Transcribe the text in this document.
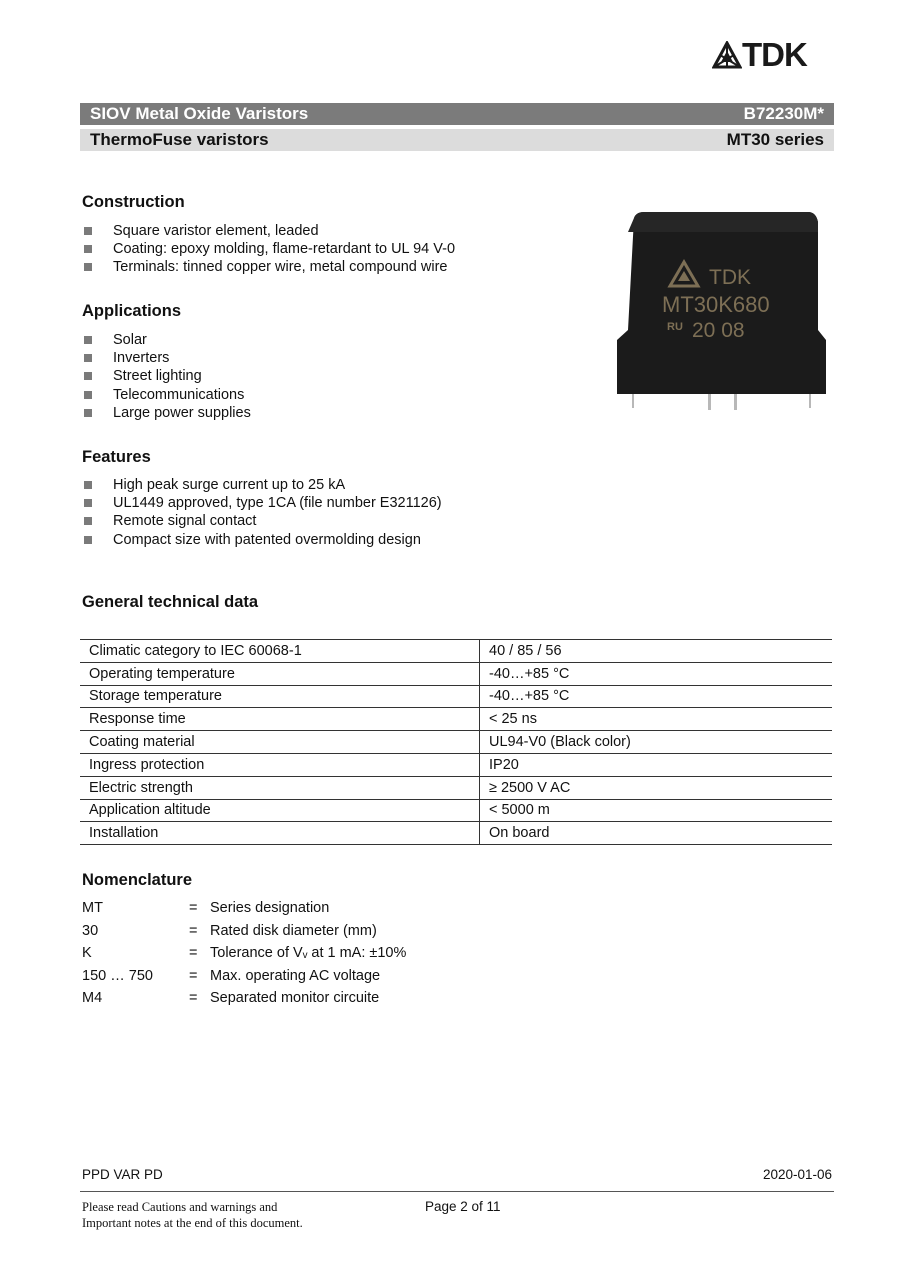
TDK
SIOV Metal Oxide Varistors	B72230M*
ThermoFuse varistors	MT30 series
Construction
Square varistor element, leaded
Coating: epoxy molding, flame-retardant to UL 94 V-0
Terminals: tinned copper wire, metal compound wire
Applications
Solar
Inverters
Street lighting
Telecommunications
Large power supplies
Features
High peak surge current up to 25 kA
UL1449 approved, type 1CA (file number E321126)
Remote signal contact
Compact size with patented overmolding design
TDK
MT30K680
RU 20 08
General technical data
Climatic category to IEC 60068-1	40 / 85 / 56
Operating temperature	-40…+85 °C
Storage temperature	-40…+85 °C
Response time	< 25 ns
Coating material	UL94-V0 (Black color)
Ingress protection	IP20
Electric strength	≥ 2500 V AC
Application altitude	< 5000 m
Installation	On board
Nomenclature
MT	= Series designation
30	= Rated disk diameter (mm)
K	= Tolerance of Vᵥ at 1 mA: ±10%
150 … 750 = Max. operating AC voltage
M4	= Separated monitor circuite
PPD VAR PD	2020-01-06
Please read Cautions and warnings and
Important notes at the end of this document.
Page 2 of 11
